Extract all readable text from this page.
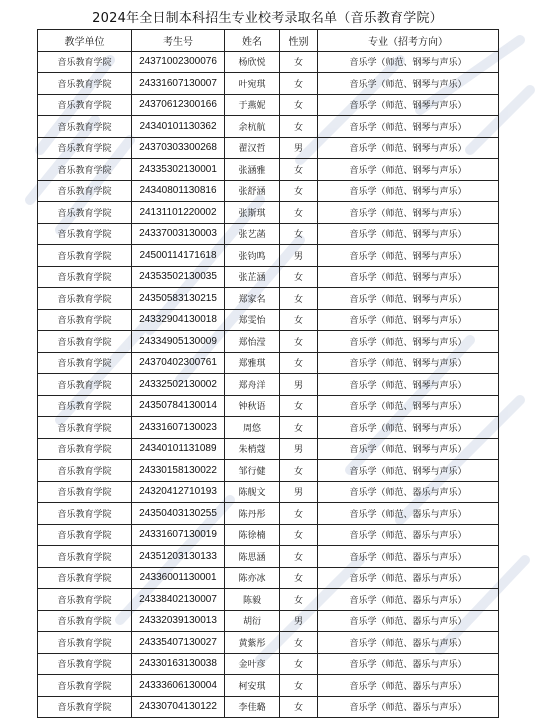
2024年全日制本科招生专业校考录取名单（音乐教育学院）
教学单位	考生号	姓名	性别	专业（招考方向）
音乐教育学院	24371002300076	杨欣悦	女	音乐学（师范、钢琴与声乐）
音乐教育学院	24331607130007	叶宛琪	女	音乐学（师范、钢琴与声乐）
音乐教育学院	24370612300166	于燕妮	女	音乐学（师范、钢琴与声乐）
音乐教育学院	24340101130362	余杭航	女	音乐学（师范、钢琴与声乐）
音乐教育学院	24370303300268	翟汉哲	男	音乐学（师范、钢琴与声乐）
音乐教育学院	24335302130001	张涵雅	女	音乐学（师范、钢琴与声乐）
音乐教育学院	24340801130816	张舒涵	女	音乐学（师范、钢琴与声乐）
音乐教育学院	24131101220002	张斯琪	女	音乐学（师范、钢琴与声乐）
音乐教育学院	24337003130003	张艺菡	女	音乐学（师范、钢琴与声乐）
音乐教育学院	24500114171618	张钧鸣	男	音乐学（师范、钢琴与声乐）
音乐教育学院	24353502130035	张芷涵	女	音乐学（师范、钢琴与声乐）
音乐教育学院	24350583130215	郑家名	女	音乐学（师范、钢琴与声乐）
音乐教育学院	24332904130018	郑雯怡	女	音乐学（师范、钢琴与声乐）
音乐教育学院	24334905130009	郑怡滢	女	音乐学（师范、钢琴与声乐）
音乐教育学院	24370402300761	郑雅琪	女	音乐学（师范、钢琴与声乐）
音乐教育学院	24332502130002	郑舟洋	男	音乐学（师范、钢琴与声乐）
音乐教育学院	24350784130014	钟秋语	女	音乐学（师范、钢琴与声乐）
音乐教育学院	24331607130023	周悠	女	音乐学（师范、钢琴与声乐）
音乐教育学院	24340101131089	朱梢蔻	男	音乐学（师范、钢琴与声乐）
音乐教育学院	24330158130022	邹行健	女	音乐学（师范、钢琴与声乐）
音乐教育学院	24320412710193	陈舰文	男	音乐学（师范、器乐与声乐）
音乐教育学院	24350403130255	陈丹彤	女	音乐学（师范、器乐与声乐）
音乐教育学院	24331607130019	陈徐楠	女	音乐学（师范、器乐与声乐）
音乐教育学院	24351203130133	陈思涵	女	音乐学（师范、器乐与声乐）
音乐教育学院	24336001130001	陈亦冰	女	音乐学（师范、器乐与声乐）
音乐教育学院	24338402130007	陈毅	女	音乐学（师范、器乐与声乐）
音乐教育学院	24332039130013	胡衍	男	音乐学（师范、器乐与声乐）
音乐教育学院	24335407130027	黄紫彤	女	音乐学（师范、器乐与声乐）
音乐教育学院	24330163130038	金叶彦	女	音乐学（师范、器乐与声乐）
音乐教育学院	24333606130004	柯安琪	女	音乐学（师范、器乐与声乐）
音乐教育学院	24330704130122	李佳璐	女	音乐学（师范、器乐与声乐）
